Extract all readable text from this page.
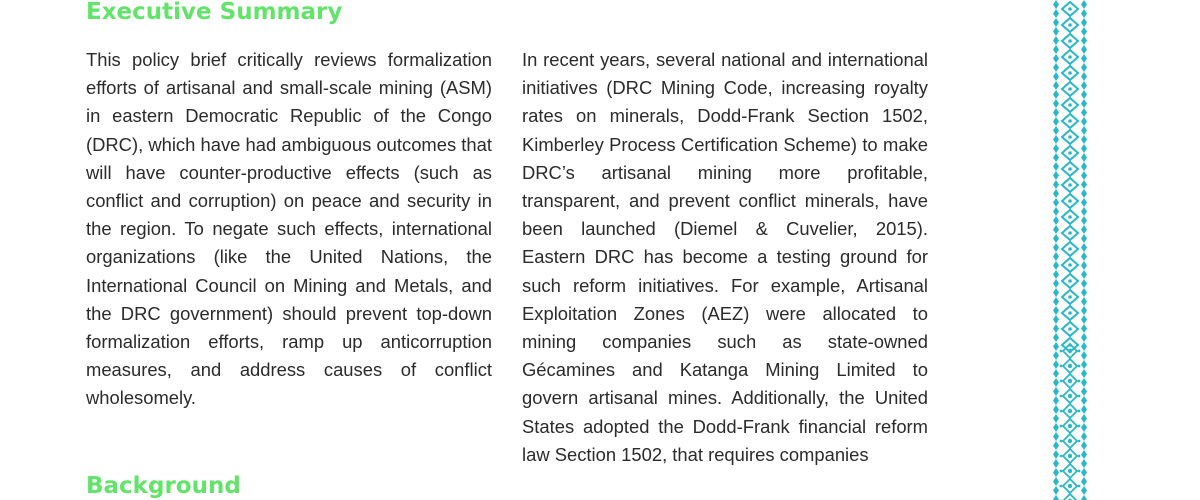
Executive Summary

This policy brief critically reviews formalization efforts of artisanal and small-scale mining (ASM) in eastern Democratic Republic of the Congo (DRC), which have had ambiguous outcomes that will have counter-productive effects (such as conflict and corruption) on peace and security in the region. To negate such effects, international organizations (like the United Nations, the International Council on Mining and Metals, and the DRC government) should prevent top-down formalization efforts, ramp up anticorruption measures, and address causes of conflict wholesomely.

In recent years, several national and international initiatives (DRC Mining Code, increasing royalty rates on minerals, Dodd-Frank Section 1502, Kimberley Process Certification Scheme) to make DRC’s artisanal mining more profitable, transparent, and prevent conflict minerals, have been launched (Diemel & Cuvelier, 2015). Eastern DRC has become a testing ground for such reform initiatives. For example, Artisanal Exploitation Zones (AEZ) were allocated to mining companies such as state-owned Gécamines and Katanga Mining Limited to govern artisanal mines. Additionally, the United States adopted the Dodd-Frank financial reform law Section 1502, that requires companies

Background
